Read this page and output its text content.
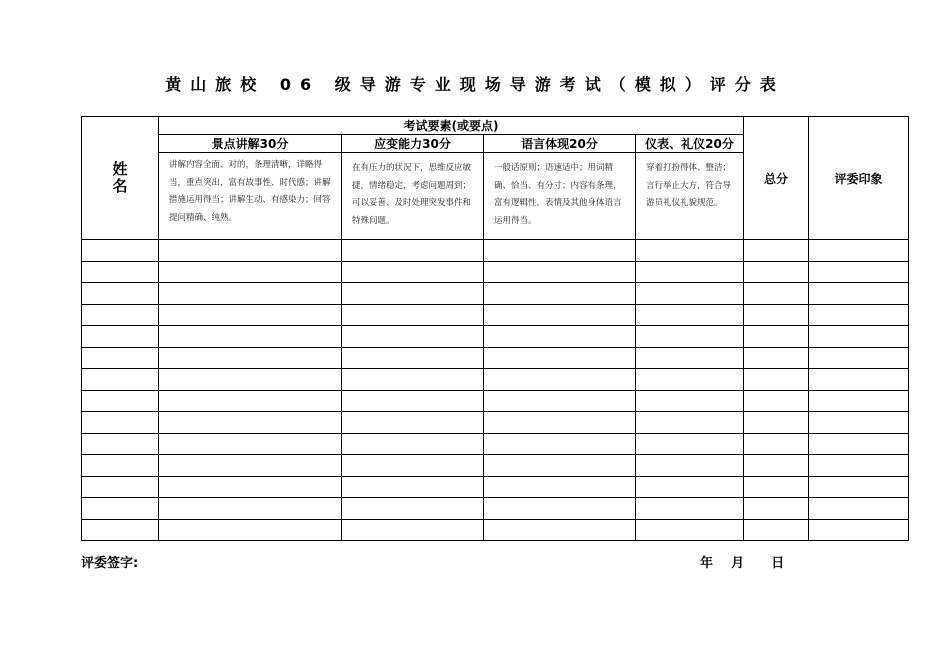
黄山旅校 06 级导游专业现场导游考试（模拟）评分表
姓
名	考试要素(或要点)				总分	评委印象
	景点讲解30分	应变能力30分	语言体现20分	仪表、礼仪20分		

	讲解内容全面、对的，条理清晰，详略得当，重点突出，富有故事性、时代感；讲解措施运用得当；讲解生动、有感染力；回答提问精确、纯熟。	在有压力的状况下，思维反应敏捷，情绪稳定，考虑问题周到；可以妥善、及时处理突发事件和特殊问题。	一般话原则；语速适中；用词精确、恰当、有分寸；内容有条理，富有逻辑性，表情及其他身体语言运用得当。	穿着打扮得体、整洁；言行举止大方，符合导游员礼仪礼貌规范。		

评委签字:	年    月      日
